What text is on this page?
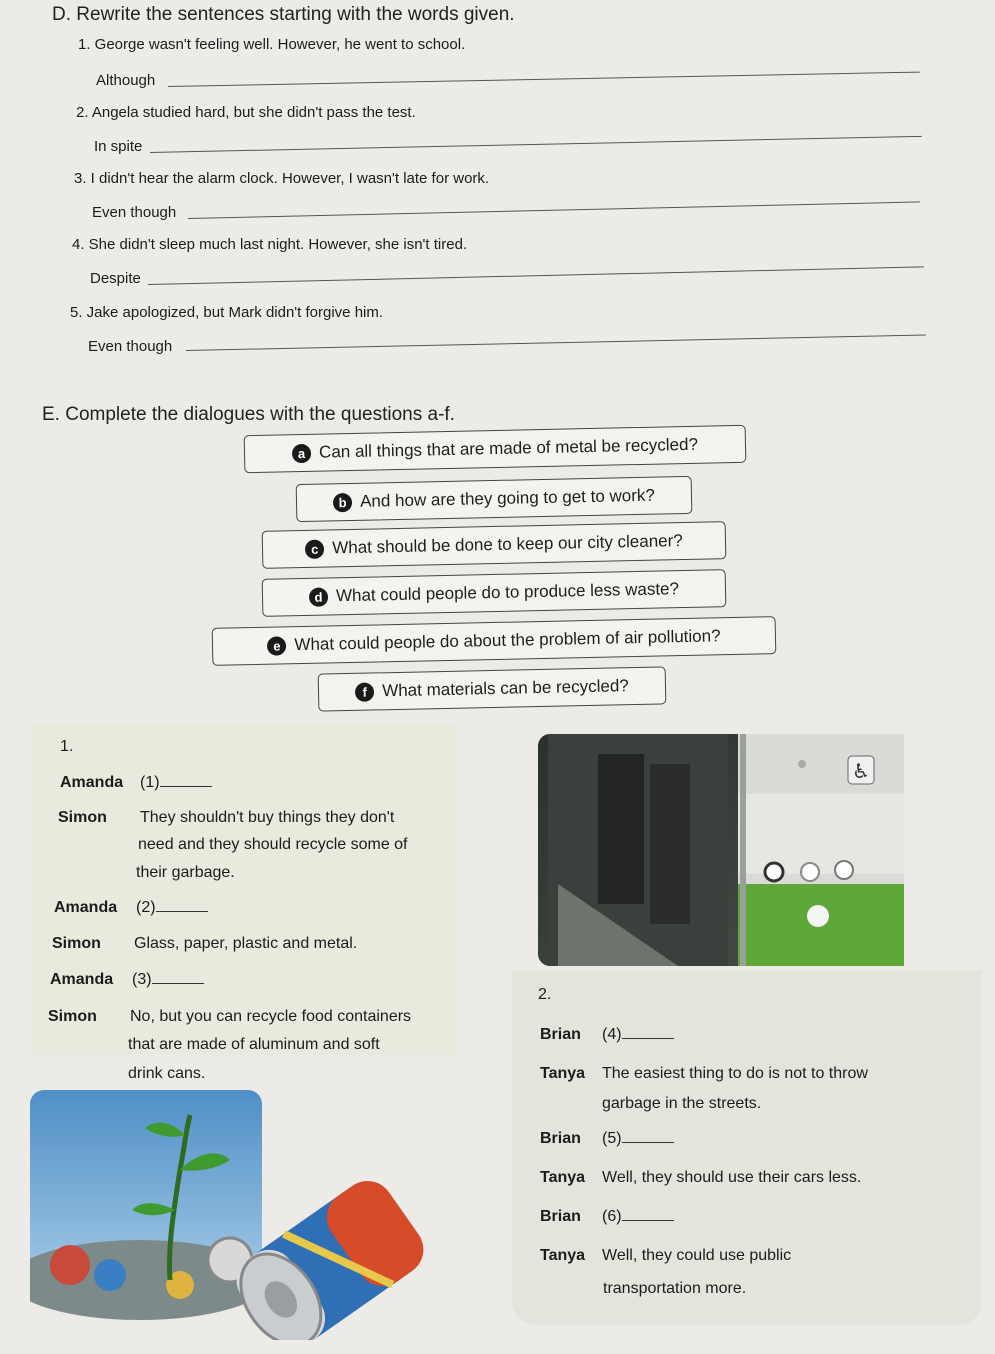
D. Rewrite the sentences starting with the words given.
1. George wasn't feeling well. However, he went to school.
Although
2. Angela studied hard, but she didn't pass the test.
In spite
3. I didn't hear the alarm clock. However, I wasn't late for work.
Even though
4. She didn't sleep much last night. However, she isn't tired.
Despite
5. Jake apologized, but Mark didn't forgive him.
Even though
E. Complete the dialogues with the questions a-f.
a Can all things that are made of metal be recycled?
b And how are they going to get to work?
c What should be done to keep our city cleaner?
d What could people do to produce less waste?
e What could people do about the problem of air pollution?
f What materials can be recycled?
1.
Amanda (1)
Simon They shouldn't buy things they don't
need and they should recycle some of
their garbage.
Amanda (2)
Simon Glass, paper, plastic and metal.
Amanda (3)
Simon No, but you can recycle food containers
that are made of aluminum and soft
drink cans.
♿
2.
Brian (4)
Tanya The easiest thing to do is not to throw
garbage in the streets.
Brian (5)
Tanya Well, they should use their cars less.
Brian (6)
Tanya Well, they could use public
transportation more.
